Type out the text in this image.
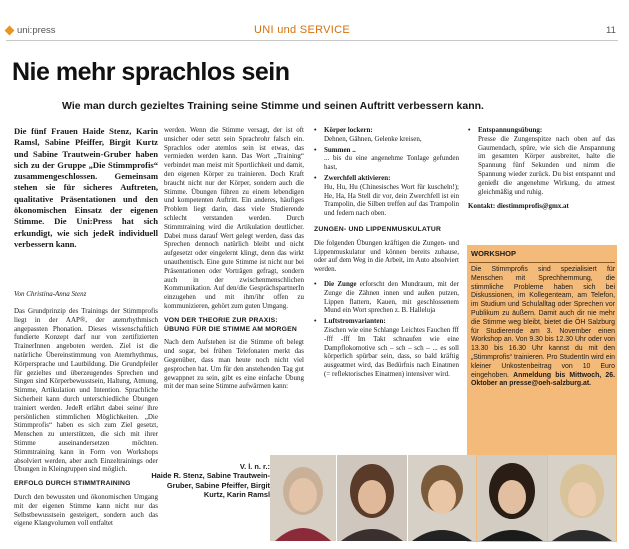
uni:press	UNI und SERVICE	11
Nie mehr sprachlos sein
Wie man durch gezieltes Training seine Stimme und seinen Auftritt verbessern kann.
Die fünf Frauen Haide Stenz, Karin Ramsl, Sabine Pfeiffer, Birgit Kurtz und Sabine Trautwein-Gruber haben sich zu der Gruppe „Die Stimmprofis“ zusammengeschlossen. Gemeinsam stehen sie für sicheres Auftreten, qualitative Präsentationen und den ökonomischen Einsatz der eigenen Stimme. Die Uni:Press hat sich erkundigt, wie sich jedeR individuell verbessern kann.
Von Christina-Anna Stenz

Das Grundprinzip des Trainings der Stimmprofis liegt in der AAP®, der atemrhythmisch angepassten Phonation. Dieses wissenschaftlich fundierte Konzept darf nur von zertifizierten TrainerInnen angeboten werden. Ziel ist die natürliche Übereinstimmung von Atemrhythmus, Körpersprache und Lautbildung. Die Grundpfeiler für gezieltes und überzeugendes Sprechen und Singen sind Körperbewusstsein, Haltung, Atmung, Stimme, Artikulation und Intention. Sprachliche Sicherheit kann durch unterschiedliche Übungen trainiert werden. JedeR erlährt dabei seine/ ihre persönlichen stimmlichen Möglichkeiten. „Die Stimmprofis“ haben es sich zum Ziel gesetzt, Menschen zu unterstützen, die sich mit ihrer Stimme auseinandersetzen möchten. Stimmtraining kann in Form von Workshops absolviert werden, aber auch Einzeltrainings oder Übungen in Kleingruppen sind möglich.

ERFOLG DURCH STIMMTRAINING

Durch den bewussten und ökonomischen Umgang mit der eigenen Stimme kann nicht nur das Selbstbewusstsein gesteigert, sondern auch das eigene Klangvolumen voll entfaltet

werden. Wenn die Stimme versagt, der ist oft unsicher oder setzt sein Sprachrohr falsch ein. Sprachlos oder atemlos sein ist etwas, das vermieden werden kann. Das Wort „Training“ verbindet man meist mit Sportlichkeit und damit, den eigenen Körper zu trainieren. Doch Kraft braucht nicht nur der Körper, sondern auch die Stimme. Übungen führen zu einem lebendigen und kompetenten Auftritt. Ein anderes, häufiges Problem liegt darin, dass viele Studierende schlecht verstanden werden. Durch Stimmtraining wird die Artikulation deutlicher. Dabei muss darauf Wert gelegt werden, dass das Sprechen dennoch natürlich bleibt und nicht aufgesetzt oder eingelernt klingt, denn das wirkt unauthentisch. Eine gute Stimme ist nicht nur bei Präsentationen oder Vorträgen gefragt, sondern auch in der zwischenmenschlichen Kommunikation. Auf den/die GesprächspartnerIn einzugehen und mit ihm/ihr offen zu kommunizieren, gehört zum guten Umgang.

VON DER THEORIE ZUR PRAXIS:

ÜBUNG FÜR DIE STIMME AM MORGEN

Nach dem Aufstehen ist die Stimme oft belegt und sogar, bei frühen Telefonaten merkt das Gegenüber, dass man heute noch nicht viel gesprochen hat. Um für den anstehenden Tag gut gewappnet zu sein, gibt es eine einfache Übung mit der man seine Stimme aufwärmen kann:

• Körper lockern:
Dehnen, Gähnen, Gelenke kreisen,
• Summen ..
... bis du eine angenehme Tonlage gefunden hast,
• Zwerchfell aktivieren:
Hu, Hu, Hu (Chinesisches Wort für kuscheln!); He, Ha, Ha Stell dir vor, dein Zwerchfell ist ein Trampolin, die Silben treffen auf das Trampolin und federn nach oben.

ZUNGEN- UND LIPPENMUSKULATUR

Die folgenden Übungen kräftigen die Zungen- und Lippenmuskulatur und können bereits zuhause, oder auf dem Weg in die Arbeit, im Auto absolviert werden.

• Die Zunge erforscht den Mundraum, mit der Zunge die Zähnen innen und außen putzen, Lippen flattern, Kauen, mit geschlossenem Mund ein Wort sprechen z. B. Halleluja
• Luftstromvarianten:
Zischen wie eine Schlange Leichtes Fauchen fff -fff -fff Im Takt schnaufen wie eine Dampflokomotive sch – sch – sch – ... es soll körperlich spürbar sein, dass, so bald kräftig ausgeatmet wird, das Bedürfnis nach Einatmen (= reflektorisches Einatmen) intensiver wird.
• Entspannungsübung:
Presse die Zungenspitze nach oben auf das Gaumendach, spüre, wie sich die Anspannung im gesamten Körper ausbreitet, halte die Spannung fünf Sekunden und nimm die Spannung wieder zurück. Du bist entspannt und genießt die angenehme Wirkung, du atmest gleichmäßig und ruhig.

Kontakt: diestimmprofis@gmx.at

WORKSHOP
Die Stimmprofis sind spezialisiert für Menschen mit Sprechhemmung, die stimmliche Probleme haben sich bei Diskussionen, im Kollegenteam, am Telefon, im Studium und Schulalltag oder Sprechen vor Publikum zu äußern. Damit auch dir nie mehr die Stimme weg bleibt, bietet die ÖH Salzburg für Studierende am 3. November einen Workshop an. Von 9.30 bis 12.30 Uhr oder von 13.30 bis 16.30 Uhr kannst du mit den „Stimmprofis“ trainieren. Pro StudentIn wird ein kleiner Unkostenbeitrag von 10 Euro eingehoben. Anmeldung bis Mittwoch, 26. Oktober an presse@oeh-salzburg.at.
V. l. n. r.:
Haide R. Stenz, Sabine Trautwein-Gruber, Sabine Pfeiffer, Birgit Kurtz, Karin Ramsl
